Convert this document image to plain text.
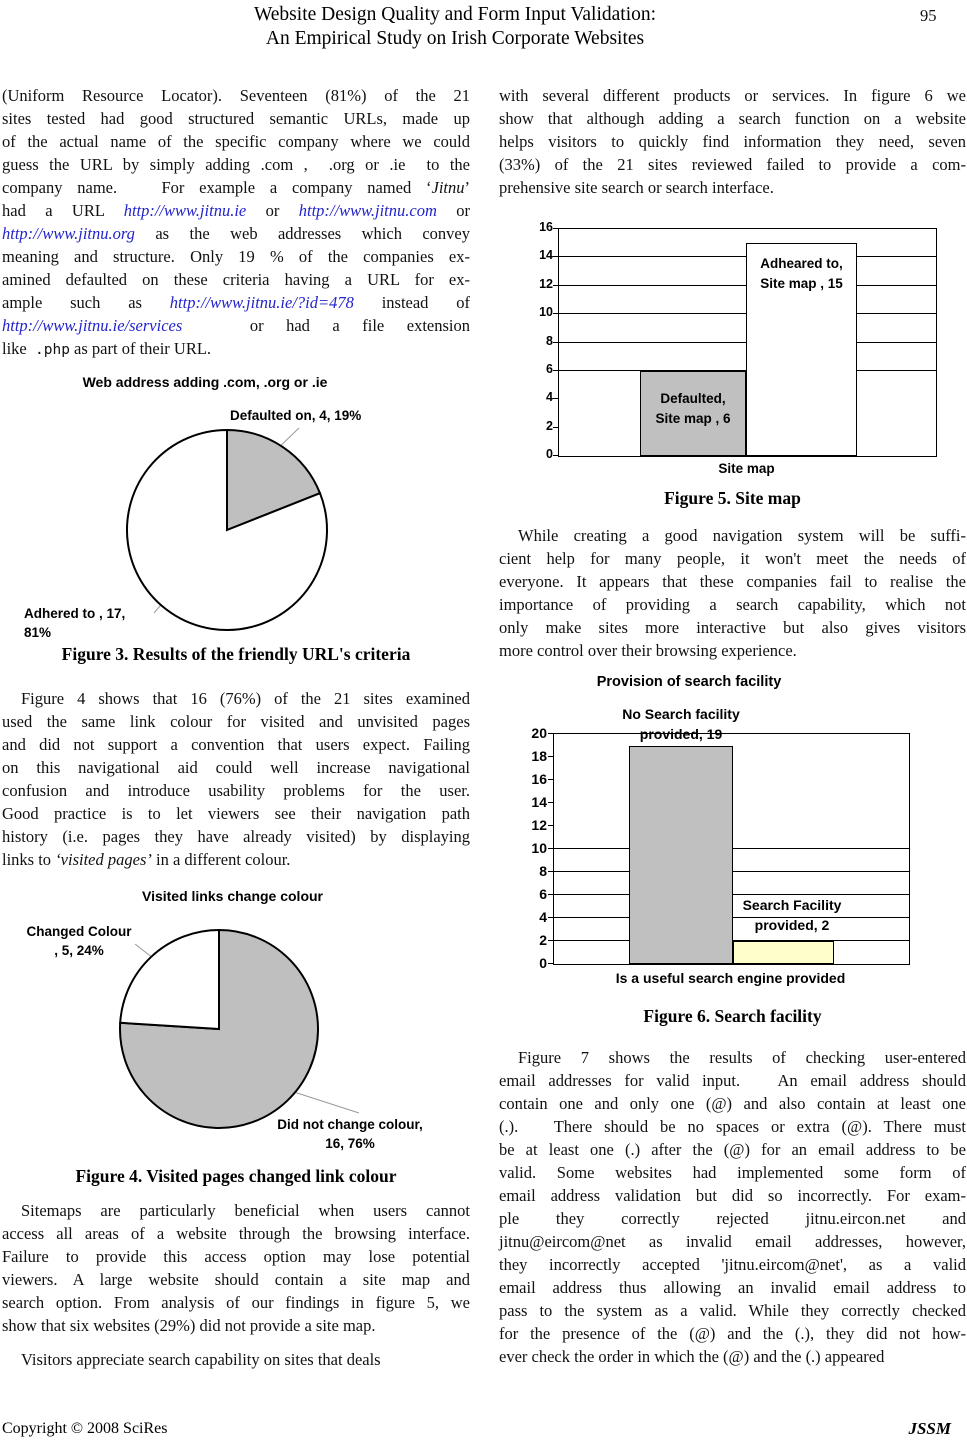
Website Design Quality and Form Input Validation:
An Empirical Study on Irish Corporate Websites
95
(Uniform Resource Locator). Seventeen (81%) of the 21
sites tested had good structured semantic URLs, made up
of the actual name of the specific company where we could
guess the URL by simply adding .com ,  .org or .ie  to the
company name.   For example a company named ‘Jitnu’
had a URL http://www.jitnu.ie or http://www.jitnu.com or
http://www.jitnu.org as the web addresses which convey
meaning and structure. Only 19 % of the companies ex-
amined defaulted on these criteria having a URL for ex-
ample such as http://www.jitnu.ie/?id=478 instead of
http://www.jitnu.ie/services   or had a file extension
like  .php as part of their URL.
Web address adding .com, .org or .ie
Defaulted on, 4, 19%
Adhered to , 17, 81%
Figure 3. Results of the friendly URL's criteria
Figure 4 shows that 16 (76%) of the 21 sites examined
used the same link colour for visited and unvisited pages
and did not support a convention that users expect. Failing
on this navigational aid could well increase navigational
confusion and introduce usability problems for the user.
Good practice is to let viewers see their navigation path
history (i.e. pages they have already visited) by displaying
links to ‘visited pages’ in a different colour.
Visited links change colour
Changed Colour
, 5, 24%
Did not change colour,
16, 76%
Figure 4. Visited pages changed link colour
Sitemaps are particularly beneficial when users cannot
access all areas of a website through the browsing interface.
Failure to provide this access option may lose potential
viewers. A large website should contain a site map and
search option. From analysis of our findings in figure 5, we
show that six websites (29%) did not provide a site map.
Visitors appreciate search capability on sites that deals
with several different products or services. In figure 6 we
show that although adding a search function on a website
helps visitors to quickly find information they need, seven
(33%) of the 21 sites reviewed failed to provide a com-
prehensive site search or search interface.
Defaulted,
Site map , 6
Adheared to,
Site map , 15
Site map
0
2
4
6
8
10
12
14
16
Figure 5. Site map
While creating a good navigation system will be suffi-
cient help for many people, it won't meet the needs of
everyone. It appears that these companies fail to realise the
importance of providing a search capability, which not
only make sites more interactive but also gives visitors
more control over their browsing experience.
Provision of search facility
No Search facility
provided, 19
Search Facility
provided, 2
Is a useful search engine provided
0
2
4
6
8
10
12
14
16
18
20
Figure 6. Search facility
Figure 7 shows the results of checking user-entered
email addresses for valid input.   An email address should
contain one and only one (@) and also contain at least one
(.).   There should be no spaces or extra (@). There must
be at least one (.) after the (@) for an email address to be
valid. Some websites had implemented some form of
email address validation but did so incorrectly. For exam-
ple they correctly rejected jitnu.eircon.net and
jitnu@eircom@net as invalid email addresses, however,
they incorrectly accepted 'jitnu.eircom@net', as a valid
email address thus allowing an invalid email address to
pass to the system as a valid. While they correctly checked
for the presence of the (@) and the (.), they did not how-
ever check the order in which the (@) and the (.) appeared
Copyright © 2008 SciRes	JSSM
